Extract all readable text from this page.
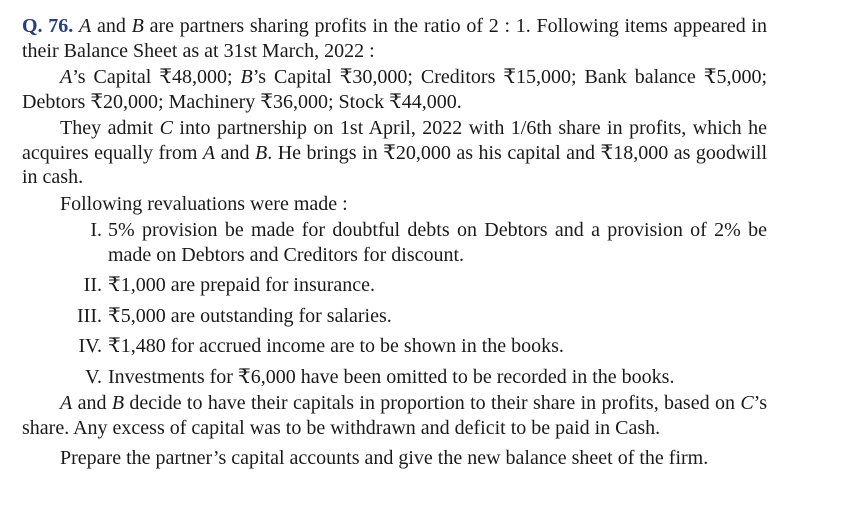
Q. 76. A and B are partners sharing profits in the ratio of 2 : 1. Following items appeared in their Balance Sheet as at 31st March, 2022 :

A’s Capital ₹48,000; B’s Capital ₹30,000; Creditors ₹15,000; Bank balance ₹5,000; Debtors ₹20,000; Machinery ₹36,000; Stock ₹44,000.

They admit C into partnership on 1st April, 2022 with 1/6th share in profits, which he acquires equally from A and B. He brings in ₹20,000 as his capital and ₹18,000 as goodwill in cash.

Following revaluations were made :

I. 5% provision be made for doubtful debts on Debtors and a provision of 2% be made on Debtors and Creditors for discount.
II. ₹1,000 are prepaid for insurance.
III. ₹5,000 are outstanding for salaries.
IV. ₹1,480 for accrued income are to be shown in the books.
V. Investments for ₹6,000 have been omitted to be recorded in the books.

A and B decide to have their capitals in proportion to their share in profits, based on C’s share. Any excess of capital was to be withdrawn and deficit to be paid in Cash.

Prepare the partner’s capital accounts and give the new balance sheet of the firm.
